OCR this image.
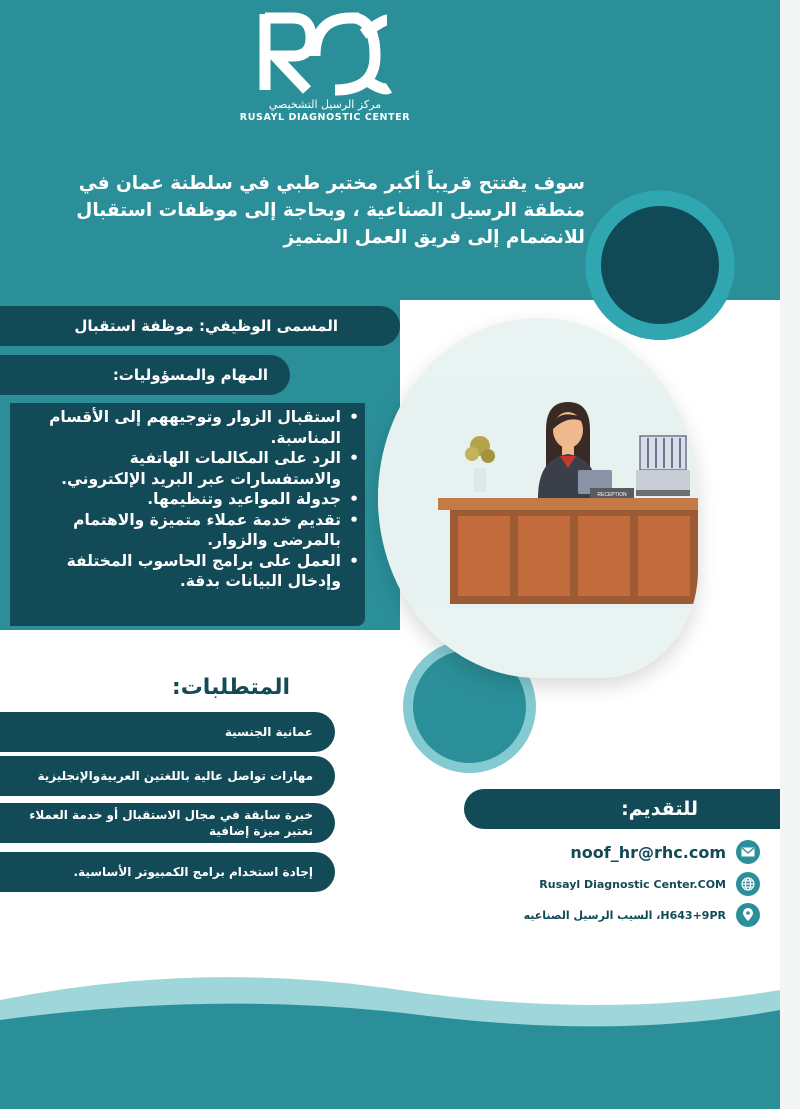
مركز الرسيل التشخيصي
RUSAYL DIAGNOSTIC CENTER
سوف يفتتح قريباً أكبر مختبر طبي في سلطنة عمان في منطقة الرسيل الصناعية ، وبحاجة إلى موظفات استقبال للانضمام إلى فريق العمل المتميز
المسمى الوظيفي: موظفة استقبال
المهام والمسؤوليات:
• استقبال الزوار وتوجيههم إلى الأقسام المناسبة.
• الرد على المكالمات الهاتفية والاستفسارات عبر البريد الإلكتروني.
• جدولة المواعيد وتنظيمها.
• تقديم خدمة عملاء متميزة والاهتمام بالمرضى والزوار.
• العمل على برامج الحاسوب المختلفة وإدخال البيانات بدقة.
RECEPTION
المتطلبات:
عمانية الجنسية
مهارات تواصل عالية باللغتين العربيةوالإنجليزية
خبرة سابقة في مجال الاستقبال أو خدمة العملاء تعتبر ميزة إضافية
إجادة استخدام برامج الكمبيوتر الأساسية.
للتقديم:
noof_hr@rhc.com
Rusayl Diagnostic Center.COM
H643+9PR، السيب الرسيل الصناعيه
